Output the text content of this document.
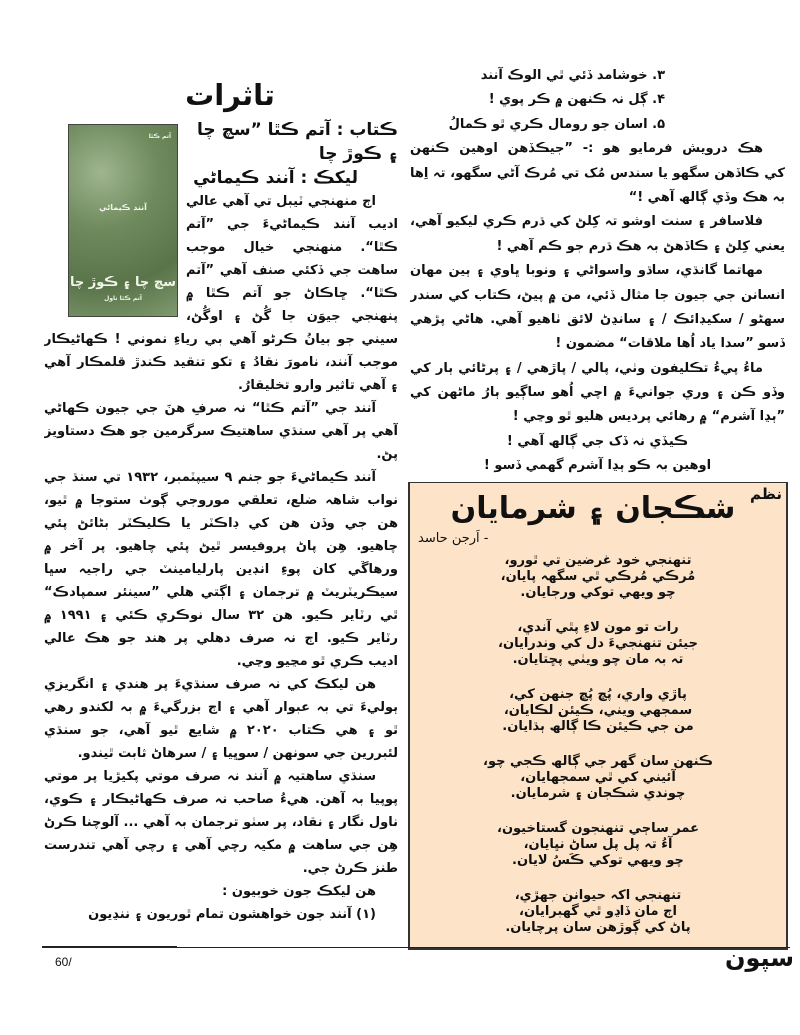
تاثرات
آتم ڪٿا
آنند ڪيماڻي
سچ چا ۽ ڪوڙ چا
آتم ڪٿا ناول
ڪتاب : آتم ڪٿا ”سچ چا
۽ ڪوڙ چا
ليکڪ : آنند ڪيماڻي
اڄ منهنجي ٽيبل تي آهي عالي
اديب آنند ڪيماڻيءَ جي ”آتم
ڪٿا“. منهنجي خيال موجب
ساهت جي ڏکئي صنف آهي ”آتم
ڪٿا“. ڇاڪاڻ جو آتم ڪٿا ۾
پنهنجي جيوَن جا گُڻ ۽ اوگُڻ،
سيني جو بيانُ ڪرڻو آهي بي رياءِ نموني ! ڪهاڻيڪار
موجب آنند، نامورَ نقادُ ۽ تکو تنقيد ڪندڙ قلمڪار آهي
۽ آهي تاثير وارو تخليقارُ.
آنند جي ”آتم ڪٿا“ نہ صرفِ هنَ جي جيون ڪهاڻي
آهي پر آهي سنڌي ساهتيڪ سرگرمين جو هڪ دستاويز
پڻ.
آنند ڪيماڻيءَ جو جنم ۹ سيپٽمبر، ۱۹۳۲ تي سنڌ جي
نواب شاهہ ضلع، تعلقي موروجي ڳوٺ ستوجا ۾ ٿيو،
هن جي وڏن هن کي ڊاڪٽر يا ڪليڪٽر بڻائڻ پئي
چاهيو. هِن پاڻ پروفيسر ٿيڻ پئي چاهيو. پر آخر ۾
ورهاڱي کان پوءِ انڊين پارليامينٽ جي راجيہ سڀا
سيڪريٽريٽ ۾ ترجمان ۽ اڳتي هلي ”سينئر سمپادڪ“
ٿي رٽاير ڪيو. هن ۳۲ سال نوڪري ڪئي ۽ ۱۹۹۱ ۾
رٽاير ڪيو. اڄ نہ صرف دهلي پر هند جو هڪ عالي
اديب ڪري ٿو مڃيو وڃي.
هن ليکڪ کي نہ صرف سنڌيءَ پر هندي ۽ انگريزي
ٻوليءَ تي بہ عبوار آهي ۽ اڄ بزرگيءَ ۾ بہ لکندو رهي
ٿو ۽ هي ڪتاب ۲۰۲۰ ۾ شايع ٿيو آهي، جو سنڌي
لئبررين جي سونهن / سوڀيا ۽ / سرهاڻ ثابت ٿيندو.
سنڌي ساهتيہ ۾ آنند نہ صرف موتي پکيڙيا پر موتي
پوپيا بہ آهن. هيءُ صاحب نہ صرف ڪهاڻيڪار ۽ ڪوي،
ناول نگار ۽ نقاد، پر سٺو ترجمان بہ آهي ... آلوچنا ڪرڻ
هِن جي ساهت ۾ مکيہ رچي آهي ۽ رچي آهي تندرست
طنز ڪرڻ جي.
هن ليکڪ جون خوبيون :
(۱) آنند جون خواهشون تمام ٿوريون ۽ ننڍيون
۳. خوشامد ڏئي ٿي الوڪ آنند
۴. ڳل نہ ڪنهن ۾ ڪر پوي !
۵. اسان جو رومال ڪري ٿو ڪمالُ
هڪ درويش فرمايو هو :- ”جيڪڏهن اوهين ڪنهن
کي ڪاڏهن سگهو يا سندس مُک تي مُرڪ آڻي سگهو، تہ اِها
بہ هڪ وڏي ڳالھ آهي !“
فلاسافر ۽ سنت اوشو تہ کِلڻ کي ڌرم ڪري ليکيو آهي،
يعني کِلڻ ۽ ڪاڏهڻ بہ هڪ ڌرم جو ڪم آهي !
مهاتما گانڌي، ساڌو واسواڻي ۽ ونوبا ڀاوي ۽ ٻين مهان
انسانن جي جيون جا مثال ڏئي، من ۾ پيڻ، ڪتاب کي سندر
سهڻو / سکيڊائڪ / ۽ سانڍڻ لائق ٺاهيو آهي. هاڻي پڙهي
ڏسو ”سدا ياد اُها ملاقات“ مضمون !
ماءُ پيءُ تڪليفون وٺي، پالي / پاڙهي / ۽ پرڻائي ٻار کي
وڏو ڪن ۽ وري جوانيءَ ۾ اچي اُهو ساڳيو ٻارُ ماڻهن کي
”ٻڍا آشرم“ ۾ رهائي پرديس هليو ٿو وڃي !
ڪيڏي نہ ڏک جي ڳالھ آهي !
اوهين بہ ڪو ٻڍا آشرم گهمي ڏسو !
نظم
شڪجان ۽ شرمايان
- اَرجن حاسد
تنهنجي خود غرضين تي ٿورو،
مُرڪي مُرڪي ٿي سگهہ پايان،
چو ويهي توکي ورجايان.
رات تو مون لاءِ پٿي آندي،
جيئن تنهنجيءَ دل کي وندرايان،
تہ بہ مان چو ويٺي پڇتايان.
پاڙي واري، پُڇ پُڇ جنهن کي،
سمجهي ويني، ڪيئن لڪايان،
من جي ڪيئن ڪا ڳالھ ٻڌايان.
ڪنهن سان گهر جي ڳالھ ڪجي چو،
آئيني کي ٿي سمجهايان،
چوندي شڪجان ۽ شرمايان.
عمر ساڄي تنهنجون گستاخيون،
آءُ تہ پل پل ساڻ نڀايان،
چو ويهي توکي ڪَسُ لايان.
تنهنجي اکہ حيوانن جهڙي،
اڄ مان ڏاڍو ٿي گهبرايان،
پاڻ کي ڳوڙهن سان پرچايان.
60/	سپون
